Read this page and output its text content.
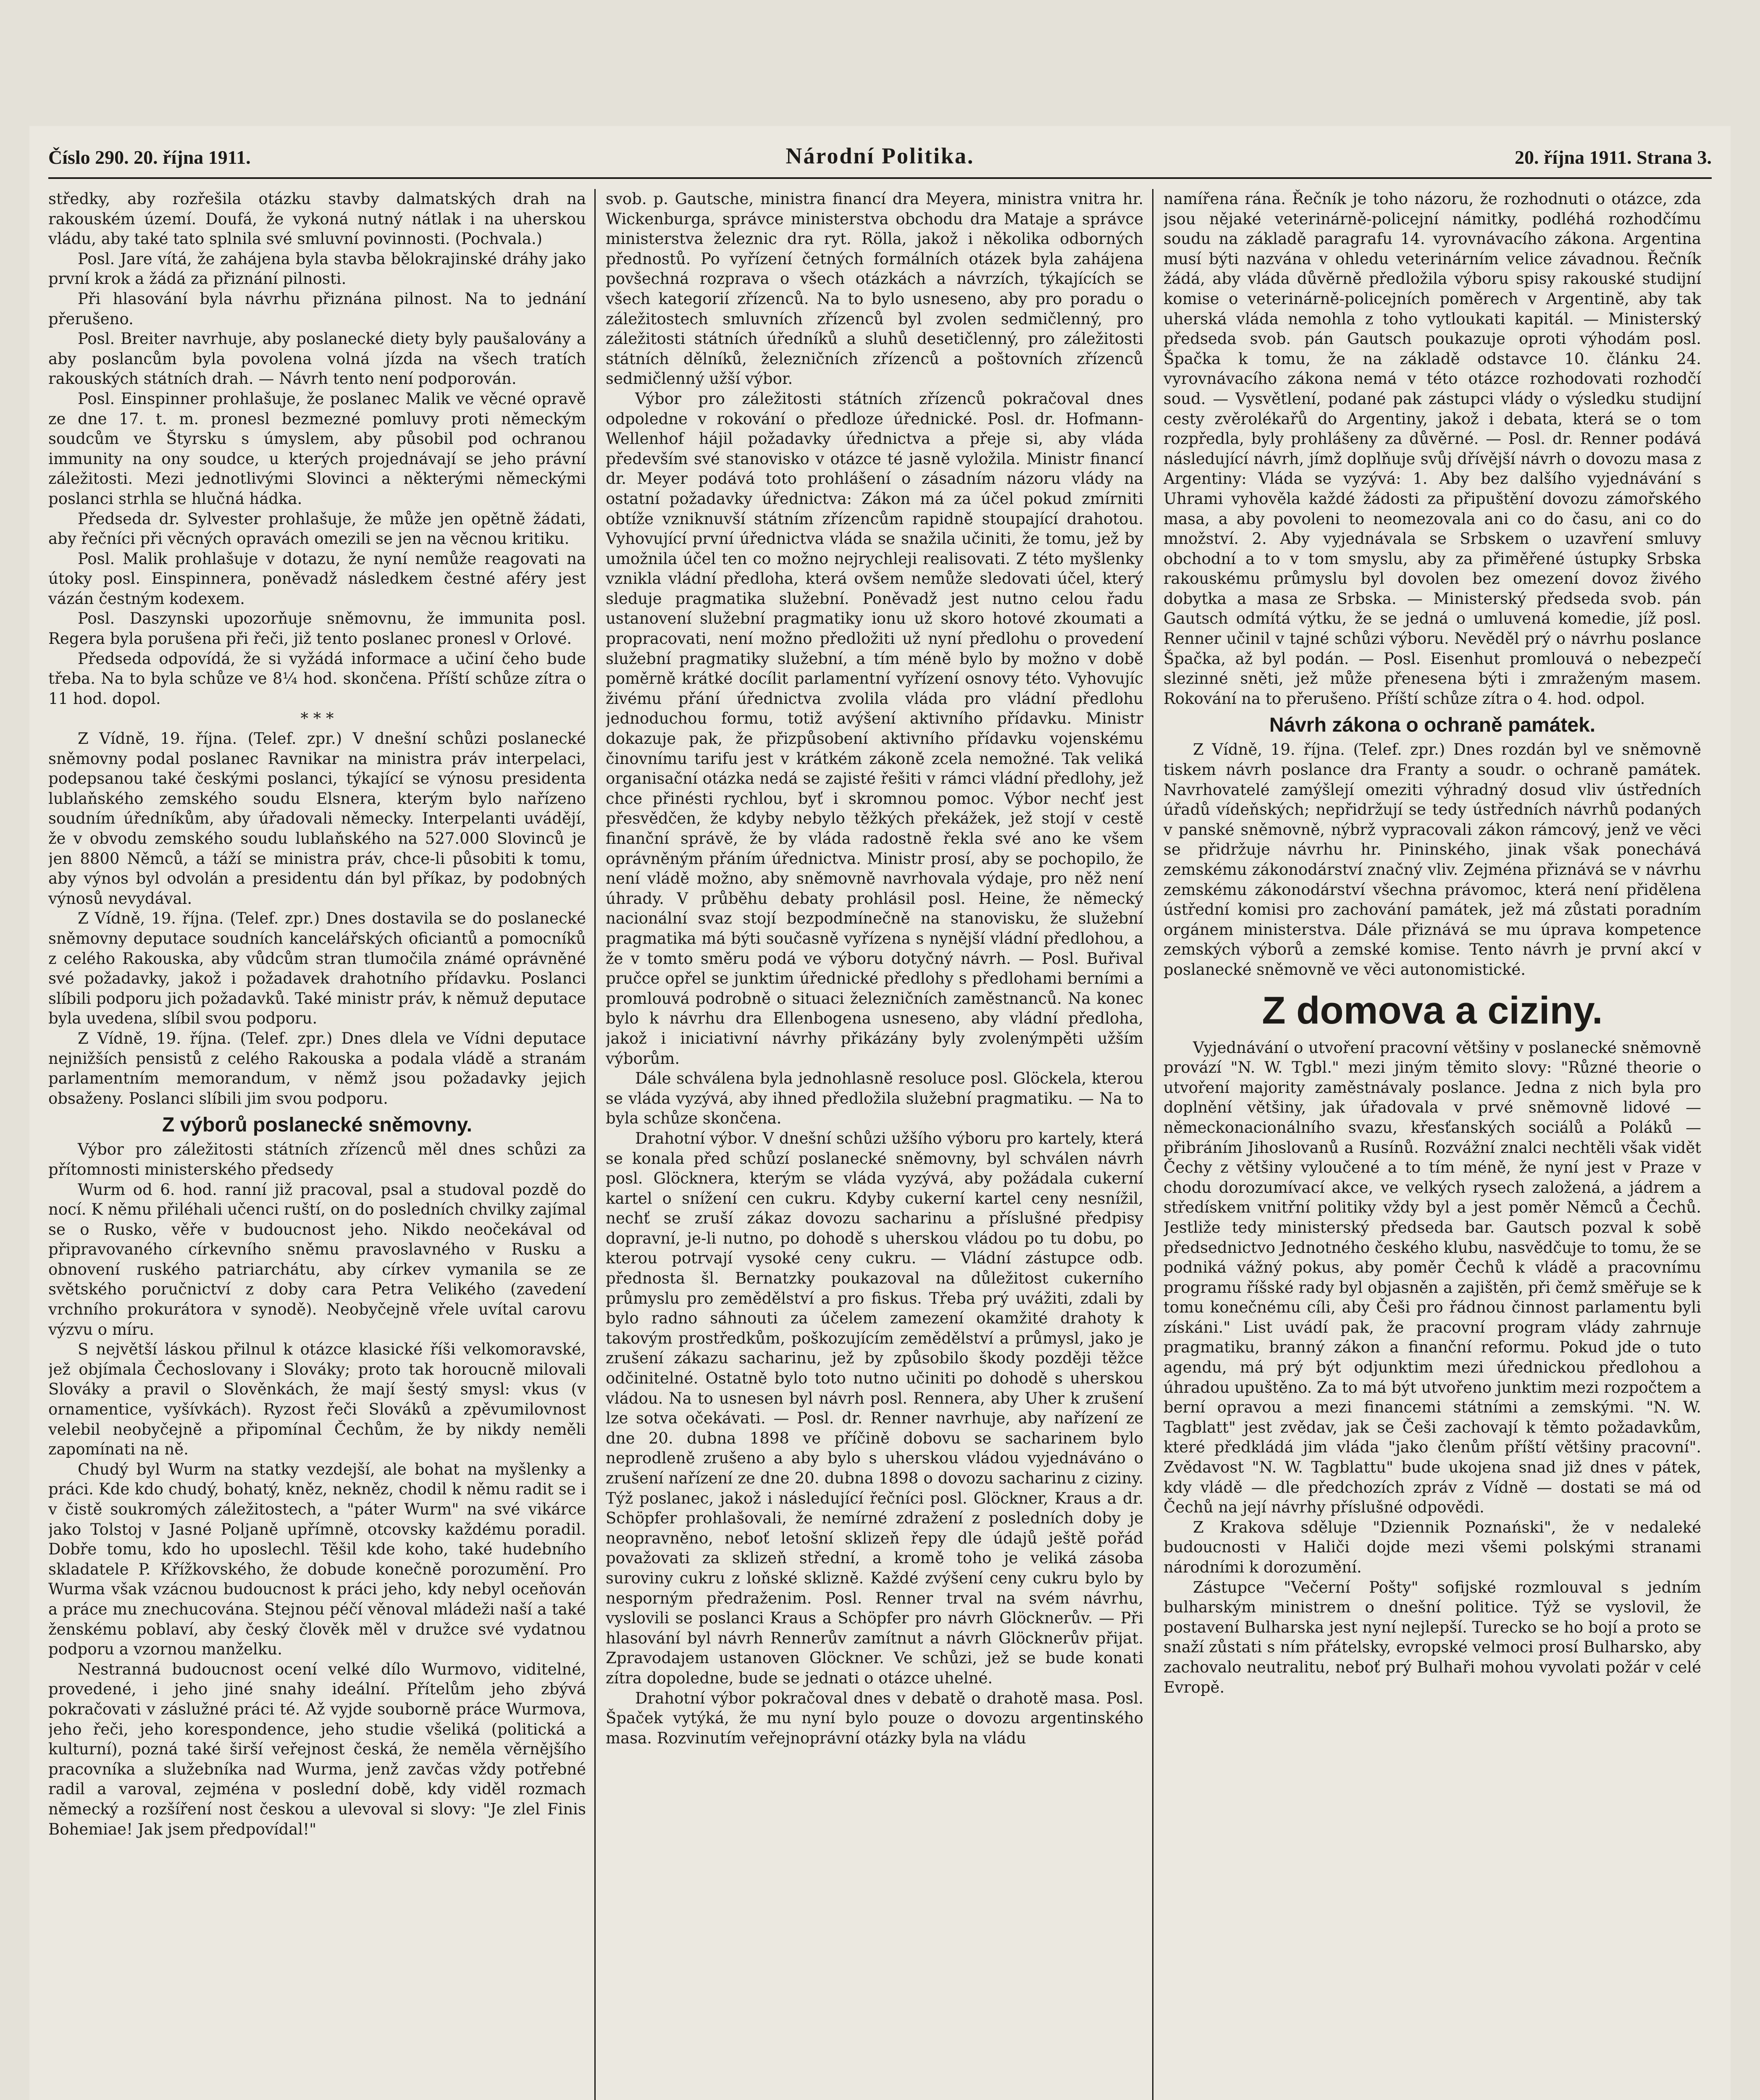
Číslo 290. 20. října 1911.	Národní Politika.	20. října 1911. Strana 3.

středky, aby rozřešila otázku stavby dalmatských drah na rakouském území. Doufá, že vykoná nutný nátlak i na uherskou vládu, aby také tato splnila své smluvní povinnosti. (Pochvala.)

Posl. Jare vítá, že zahájena byla stavba bělokrajinské dráhy jako první krok a žádá za přiznání pilnosti.

Při hlasování byla návrhu přiznána pilnost. Na to jednání přerušeno.

Posl. Breiter navrhuje, aby poslanecké diety byly paušalovány a aby poslancům byla povolena volná jízda na všech tratích rakouských státních drah. — Návrh tento není podporován.

Posl. Einspinner prohlašuje, že poslanec Malik ve věcné opravě ze dne 17. t. m. pronesl bezmezné pomluvy proti německým soudcům ve Štyrsku s úmyslem, aby působil pod ochranou immunity na ony soudce, u kterých projednávají se jeho právní záležitosti. Mezi jednotlivými Slovinci a některými německými poslanci strhla se hlučná hádka.

Předseda dr. Sylvester prohlašuje, že může jen opětně žádati, aby řečníci při věcných opravách omezili se jen na věcnou kritiku.

Posl. Malik prohlašuje v dotazu, že nyní nemůže reagovati na útoky posl. Einspinnera, poněvadž následkem čestné aféry jest vázán čestným kodexem.

Posl. Daszynski upozorňuje sněmovnu, že immunita posl. Regera byla porušena při řeči, již tento poslanec pronesl v Orlové.

Předseda odpovídá, že si vyžádá informace a učiní čeho bude třeba. Na to byla schůze ve 8¼ hod. skončena. Příští schůze zítra o 11 hod. dopol.

* * *

Z Vídně, 19. října. (Telef. zpr.) V dnešní schůzi poslanecké sněmovny podal poslanec Ravnikar na ministra práv interpelaci, podepsanou také českými poslanci, týkající se výnosu presidenta lublaňského zemského soudu Elsnera, kterým bylo nařízeno soudním úředníkům, aby úřadovali německy. Interpelanti uvádějí, že v obvodu zemského soudu lublaňského na 527.000 Slovinců je jen 8800 Němců, a táží se ministra práv, chce-li působiti k tomu, aby výnos byl odvolán a presidentu dán byl příkaz, by podobných výnosů nevydával.

Z Vídně, 19. října. (Telef. zpr.) Dnes dostavila se do poslanecké sněmovny deputace soudních kancelářských oficiantů a pomocníků z celého Rakouska, aby vůdcům stran tlumočila známé oprávněné své požadavky, jakož i požadavek drahotního přídavku. Poslanci slíbili podporu jich požadavků. Také ministr práv, k němuž deputace byla uvedena, slíbil svou podporu.

Z Vídně, 19. října. (Telef. zpr.) Dnes dlela ve Vídni deputace nejnižších pensistů z celého Rakouska a podala vládě a stranám parlamentním memorandum, v němž jsou požadavky jejich obsaženy. Poslanci slíbili jim svou podporu.

Z výborů poslanecké sněmovny.

Výbor pro záležitosti státních zřízenců měl dnes schůzi za přítomnosti ministerského předsedy

Wurm od 6. hod. ranní již pracoval, psal a studoval pozdě do nocí. K němu přiléhali učenci ruští, on do posledních chvilky zajímal se o Rusko, věře v budoucnost jeho. Nikdo neočekával od připravovaného církevního sněmu pravoslavného v Rusku a obnovení ruského patriarchátu, aby církev vymanila se ze světského poručnictví z doby cara Petra Velikého (zavedení vrchního prokurátora v synodě). Neobyčejně vřele uvítal carovu výzvu o míru.

S největší láskou přilnul k otázce klasické říši velkomoravské, jež objímala Čechoslovany i Slováky; proto tak horoucně milovali Slováky a pravil o Slověnkách, že mají šestý smysl: vkus (v ornamentice, vyšívkách). Ryzost řeči Slováků a zpěvumilovnost velebil neobyčejně a připomínal Čechům, že by nikdy neměli zapomínati na ně.

Chudý byl Wurm na statky vezdejší, ale bohat na myšlenky a práci. Kde kdo chudý, bohatý, kněz, nekněz, chodil k němu radit se i v čistě soukromých záležitostech, a "páter Wurm" na své vikárce jako Tolstoj v Jasné Poljaně upřímně, otcovsky každému poradil. Dobře tomu, kdo ho uposlechl. Těšil kde koho, také hudebního skladatele P. Křížkovského, že dobude konečně porozumění. Pro Wurma však vzácnou budoucnost k práci jeho, kdy nebyl oceňován a práce mu znechucována. Stejnou péčí věnoval mládeži naší a také ženskému poblaví, aby český člověk měl v družce své vydatnou podporu a vzornou manželku.

Nestranná budoucnost ocení velké dílo Wurmovo, viditelné, provedené, i jeho jiné snahy ideální. Přítelům jeho zbývá pokračovati v záslužné práci té. Až vyjde souborně práce Wurmova, jeho řeči, jeho korespondence, jeho studie všeliká (politická a kulturní), pozná také širší veřejnost česká, že neměla věrnějšího pracovníka a služebníka nad Wurma, jenž zavčas vždy potřebné radil a varoval, zejména v poslední době, kdy viděl rozmach německý a rozšíření nost českou a ulevoval si slovy: "Je zlel Finis Bohemiae! Jak jsem předpovídal!"

svob. p. Gautsche, ministra financí dra Meyera, ministra vnitra hr. Wickenburga, správce ministerstva obchodu dra Mataje a správce ministerstva železnic dra ryt. Rölla, jakož i několika odborných přednostů. Po vyřízení četných formálních otázek byla zahájena povšechná rozprava o všech otázkách a návrzích, týkajících se všech kategorií zřízenců. Na to bylo usneseno, aby pro poradu o záležitostech smluvních zřízenců byl zvolen sedmičlenný, pro záležitosti státních úředníků a sluhů desetičlenný, pro záležitosti státních dělníků, železničních zřízenců a poštovních zřízenců sedmičlenný užší výbor.

Výbor pro záležitosti státních zřízenců pokračoval dnes odpoledne v rokování o předloze úřednické. Posl. dr. Hofmann-Wellenhof hájil požadavky úřednictva a přeje si, aby vláda především své stanovisko v otázce té jasně vyložila. Ministr financí dr. Meyer podává toto prohlášení o zásadním názoru vlády na ostatní požadavky úřednictva: Zákon má za účel pokud zmírniti obtíže vzniknuvší státním zřízencům rapidně stoupající drahotou. Vyhovující první úřednictva vláda se snažila učiniti, že tomu, jež by umožnila účel ten co možno nejrychleji realisovati. Z této myšlenky vznikla vládní předloha, která ovšem nemůže sledovati účel, který sleduje pragmatika služební. Poněvadž jest nutno celou řadu ustanovení služební pragmatiky ionu už skoro hotové zkoumati a propracovati, není možno předložiti už nyní předlohu o provedení služební pragmatiky služební, a tím méně bylo by možno v době poměrně krátké docílit parlamentní vyřízení osnovy této. Vyhovujíc živému přání úřednictva zvolila vláda pro vládní předlohu jednoduchou formu, totiž avýšení aktivního přídavku. Ministr dokazuje pak, že přizpůsobení aktivního přídavku vojenskému činovnímu tarifu jest v krátkém zákoně zcela nemožné. Tak veliká organisační otázka nedá se zajisté řešiti v rámci vládní předlohy, jež chce přinésti rychlou, byť i skromnou pomoc. Výbor nechť jest přesvědčen, že kdyby nebylo těžkých překážek, jež stojí v cestě finanční správě, že by vláda radostně řekla své ano ke všem oprávněným přáním úřednictva. Ministr prosí, aby se pochopilo, že není vládě možno, aby sněmovně navrhovala výdaje, pro něž není úhrady. V průběhu debaty prohlásil posl. Heine, že německý nacionální svaz stojí bezpodmínečně na stanovisku, že služební pragmatika má býti současně vyřízena s nynější vládní předlohou, a že v tomto směru podá ve výboru dotyčný návrh. — Posl. Buřival pručce opřel se junktim úřednické předlohy s předlohami berními a promlouvá podrobně o situaci železničních zaměstnanců. Na konec bylo k návrhu dra Ellenbogena usneseno, aby vládní předloha, jakož i iniciativní návrhy přikázány byly zvolenýmpěti užším výborům.

Dále schválena byla jednohlasně resoluce posl. Glöckela, kterou se vláda vyzývá, aby ihned předložila služební pragmatiku. — Na to byla schůze skončena.

Drahotní výbor. V dnešní schůzi užšího výboru pro kartely, která se konala před schůzí poslanecké sněmovny, byl schválen návrh posl. Glöcknera, kterým se vláda vyzývá, aby požádala cukerní kartel o snížení cen cukru. Kdyby cukerní kartel ceny nesnížil, nechť se zruší zákaz dovozu sacharinu a příslušné předpisy dopravní, je-li nutno, po dohodě s uherskou vládou po tu dobu, po kterou potrvají vysoké ceny cukru. — Vládní zástupce odb. přednosta šl. Bernatzky poukazoval na důležitost cukerního průmyslu pro zemědělství a pro fiskus. Třeba prý uvážiti, zdali by bylo radno sáhnouti za účelem zamezení okamžité drahoty k takovým prostředkům, poškozujícím zemědělství a průmysl, jako je zrušení zákazu sacharinu, jež by způsobilo škody později těžce odčinitelné. Ostatně bylo toto nutno učiniti po dohodě s uherskou vládou. Na to usnesen byl návrh posl. Rennera, aby Uher k zrušení lze sotva očekávati. — Posl. dr. Renner navrhuje, aby nařízení ze dne 20. dubna 1898 ve příčině dobovu se sacharinem bylo neprodleně zrušeno a aby bylo s uherskou vládou vyjednáváno o zrušení nařízení ze dne 20. dubna 1898 o dovozu sacharinu z ciziny. Týž poslanec, jakož i následující řečníci posl. Glöckner, Kraus a dr. Schöpfer prohlašovali, že nemírné zdražení z posledních doby je neopravněno, neboť letošní sklizeň řepy dle údajů ještě pořád považovati za sklizeň střední, a kromě toho je veliká zásoba suroviny cukru z loňské sklizně. Každé zvýšení ceny cukru bylo by nesporným předraženim. Posl. Renner trval na svém návrhu, vyslovili se poslanci Kraus a Schöpfer pro návrh Glöcknerův. — Při hlasování byl návrh Rennerův zamítnut a návrh Glöcknerův přijat. Zpravodajem ustanoven Glöckner. Ve schůzi, jež se bude konati zítra dopoledne, bude se jednati o otázce uhelné.

Drahotní výbor pokračoval dnes v debatě o drahotě masa. Posl. Špaček vytýká, že mu nyní bylo pouze o dovozu argentinského masa. Rozvinutím veřejnoprávní otázky byla na vládu

namířena rána. Řečník je toho názoru, že rozhodnuti o otázce, zda jsou nějaké veterinárně-policejní námitky, podléhá rozhodčímu soudu na základě paragrafu 14. vyrovnávacího zákona. Argentina musí býti nazvána v ohledu veterinárním velice závadnou. Řečník žádá, aby vláda důvěrně předložila výboru spisy rakouské studijní komise o veterinárně-policejních poměrech v Argentině, aby tak uherská vláda nemohla z toho vytloukati kapitál. — Ministerský předseda svob. pán Gautsch poukazuje oproti výhodám posl. Špačka k tomu, že na základě odstavce 10. článku 24. vyrovnávacího zákona nemá v této otázce rozhodovati rozhodčí soud. — Vysvětlení, podané pak zástupci vlády o výsledku studijní cesty zvěrolékařů do Argentiny, jakož i debata, která se o tom rozpředla, byly prohlášeny za důvěrné. — Posl. dr. Renner podává následující návrh, jímž doplňuje svůj dřívější návrh o dovozu masa z Argentiny: Vláda se vyzývá: 1. Aby bez dalšího vyjednávání s Uhrami vyhověla každé žádosti za připuštění dovozu zámořského masa, a aby povoleni to neomezovala ani co do času, ani co do množství. 2. Aby vyjednávala se Srbskem o uzavření smluvy obchodní a to v tom smyslu, aby za přiměřené ústupky Srbska rakouskému průmyslu byl dovolen bez omezení dovoz živého dobytka a masa ze Srbska. — Ministerský předseda svob. pán Gautsch odmítá výtku, že se jedná o umluvená komedie, jíž posl. Renner učinil v tajné schůzi výboru. Nevěděl prý o návrhu poslance Špačka, až byl podán. — Posl. Eisenhut promlouvá o nebezpečí slezinné sněti, jež může přenesena býti i zmraženým masem. Rokování na to přerušeno. Příští schůze zítra o 4. hod. odpol.

Návrh zákona o ochraně památek.

Z Vídně, 19. října. (Telef. zpr.) Dnes rozdán byl ve sněmovně tiskem návrh poslance dra Franty a soudr. o ochraně památek. Navrhovatelé zamýšlejí omeziti výhradný dosud vliv ústředních úřadů vídeňských; nepřidržují se tedy ústředních návrhů podaných v panské sněmovně, nýbrž vypracovali zákon rámcový, jenž ve věci se přidržuje návrhu hr. Pininského, jinak však ponechává zemskému zákonodárství značný vliv. Zejména přiznává se v návrhu zemskému zákonodárství všechna právomoc, která není přidělena ústřední komisi pro zachování památek, jež má zůstati poradním orgánem ministerstva. Dále přiznává se mu úprava kompetence zemských výborů a zemské komise. Tento návrh je první akcí v poslanecké sněmovně ve věci autonomistické.

Z domova a ciziny.

Vyjednávání o utvoření pracovní většiny v poslanecké sněmovně provází "N. W. Tgbl." mezi jiným těmito slovy: "Různé theorie o utvoření majority zaměstnávaly poslance. Jedna z nich byla pro doplnění většiny, jak úřadovala v prvé sněmovně lidové — německonacionálního svazu, křesťanských sociálů a Poláků — přibráním Jihoslovanů a Rusínů. Rozvážní znalci nechtěli však vidět Čechy z většiny vyloučené a to tím méně, že nyní jest v Praze v chodu dorozumívací akce, ve velkých rysech založená, a jádrem a středískem vnitřní politiky vždy byl a jest poměr Němců a Čechů. Jestliže tedy ministerský předseda bar. Gautsch pozval k sobě předsednictvo Jednotného českého klubu, nasvědčuje to tomu, že se podniká vážný pokus, aby poměr Čechů k vládě a pracovnímu programu říšské rady byl objasněn a zajištěn, při čemž směřuje se k tomu konečnému cíli, aby Češi pro řádnou činnost parlamentu byli získáni." List uvádí pak, že pracovní program vlády zahrnuje pragmatiku, branný zákon a finanční reformu. Pokud jde o tuto agendu, má prý být odjunktim mezi úřednickou předlohou a úhradou upuštěno. Za to má být utvořeno junktim mezi rozpočtem a berní opravou a mezi financemi státními a zemskými. "N. W. Tagblatt" jest zvědav, jak se Češi zachovají k těmto požadavkům, které předkládá jim vláda "jako členům příští většiny pracovní". Zvědavost "N. W. Tagblattu" bude ukojena snad již dnes v pátek, kdy vládě — dle předchozích zpráv z Vídně — dostati se má od Čechů na její návrhy příslušné odpovědi.

Z Krakova sděluje "Dziennik Poznański", že v nedaleké budoucnosti v Haliči dojde mezi všemi polskými stranami národními k dorozumění.

Zástupce "Večerní Pošty" sofijské rozmlouval s jedním bulharským ministrem o dnešní politice. Týž se vyslovil, že postavení Bulharska jest nyní nejlepší. Turecko se ho bojí a proto se snaží zůstati s ním přátelsky, evropské velmoci prosí Bulharsko, aby zachovalo neutralitu, neboť prý Bulhaři mohou vyvolati požár v celé Evropě.
